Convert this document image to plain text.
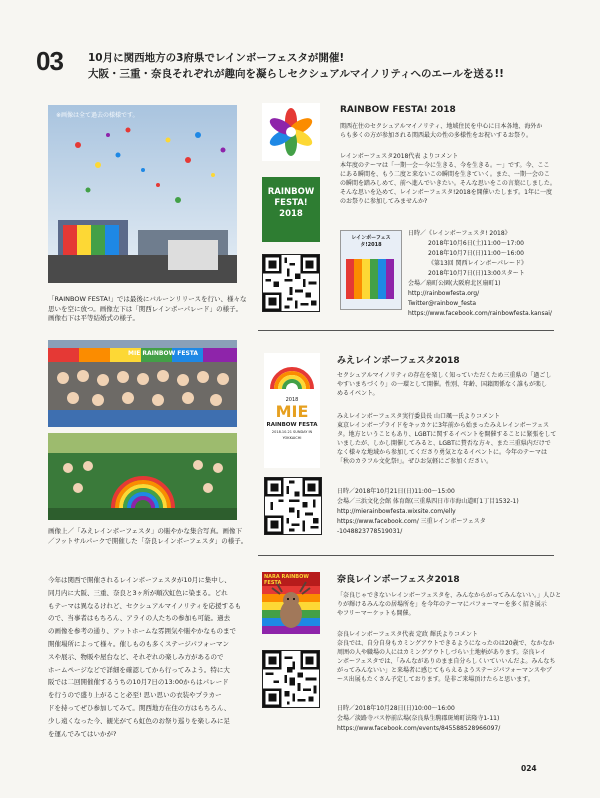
03 10月に関西地方の3府県でレインボーフェスタが開催!
大阪・三重・奈良それぞれが趣向を凝らしセクシュアルマイノリティへのエールを送る!!
※画像は全て過去の様様です。
「RAINBOW FESTA!」では最後にバルーンリリースを行い、様々な
思いを空に放つ。画像左下は「関西レインボーパレード」の様子。
画像右下は平等結婚式の様子。
MIE RAINBOW FESTA
画像上／「みえレインボーフェスタ」の賑やかな集合写真。画像下
／フットサルパークで開催した「奈良レインボーフェスタ」の様子。
今年は関西で開催されるレインボーフェスタが10月に集中し、
同月内に大阪、三重、奈良と3ヶ所が順次虹色に染まる。どれ
もテーマは異なるけれど、セクシュアルマイノリティを応援するも
ので、当事者はもちろん、アライの人たちの参加も可能。過去
の画像を参考の通り、アットホームな雰囲気や賑やかなものまで
開催場所によって様々。催しものも多くステージパフォーマン
スや展示、物販や屋台など、それぞれの楽しみ方があるので
ホームページなどで詳細を確認してから行ってみよう。特に大
阪では二回開催催するうちの10月7日の13:00からはパレード
を行うので盛り上がること必至! 思い思いの衣装やプラカー
ドを持ってぜひ参加してみて。関西地方在住の方はもちろん、
少し遠くなった今、観光がてら虹色のお祭り巡りを楽しみに足
を運んでみてはいかが?
RAINBOW FESTA! 2018
RAINBOW FESTA! 2018
関西在住のセクシュアルマイノリティ、地域住民を中心に日本各地、海外か
らも多くの方が参加される関西最大の性の多様性をお祝いするお祭り。
レインボーフェスタ2018代表 よりコメント
本年度のテーマは「一期一会〜今に生きる、今を生きる。〜」です。今、ここ
にある瞬間を、もう二度と来ないこの瞬間を生きていく。また、一期一会のこ
の瞬間を踏みしめて、前へ進んでいきたい。そんな思いをこの言葉にしました。
そんな思いを込めて、レインボーフェスタ!2018を開催いたします。1年に一度
のお祭りに参加してみませんか?
レインボーフェスタ!2018
日時／《レインボーフェスタ! 2018》
2018年10月6日(土)11:00〜17:00
2018年10月7日(日)11:00〜16:00
《第13回 関西レインボーパレード》
2018年10月7日(日)13:00スタート
会場／扇町公園(大阪府北区扇町1)
http://rainbowfesta.org/
Twitter@rainbow_festa
https://www.facebook.com/rainbowfesta.kansai/
2018
MIE
RAINBOW FESTA
2018.10.21 SUNDAY IN YOKKAICHI
みえレインボーフェスタ2018
セクシュアルマイノリティの存在を楽しく知っていただくため三重県の「過ごし
やすいまちづくり」の一環として開催。性別、年齢、国籍関係なく誰もが楽し
めるイベント。
みえレインボーフェスタ実行委員長 山口颯一氏よりコメント
東京レインボープライドをキッカケに3年前から始まったみえレインボーフェス
タ。地方ということもあり、LGBTに関するイベントを開催することに緊張をして
いましたが、しかし開催してみると、LGBTに賛否な方々、また三重県内だけで
なく様々な地域から参加してくださり勇気となるイベントに。今年のテーマは
「秋のカラフル文化祭!」。ぜひお気軽にご参加ください。
日時／2018年10月21日(日)11:00〜15:00
会場／三浜文化会館 体育館(三重県四日市市海山道町1丁目1532-1)
http://mierainbowfesta.wixsite.com/elly
https://www.facebook.com/ 三重レインボーフェスタ
-1048823778519031/
NARA RAINBOW FESTA	奈良レインボーフェスタ2018
「奈良じゃできないレインボーフェスタを、みんなからがってみんないい。」人ひと
りが輝けるみんなの居場所を」を今年のテーマにパフォーマーを多く招き展示
やフリーマーケットも開催。
奈良レインボーフェスタ代表 定政 輝氏よりコメント
奈良では、自分自身もカミングアウトできるようになったのは20歳で、なかなか
周囲の人や職場の人にはカミングアウトしづらい土地柄があります。奈良レイ
ンボーフェスタでは、「みんながありのまま自分らしくいていいんだよ。みんなち
がってみんないい」と来場者に感じてもらえるようステージパフォーマンスやブ
ース出展もたくさん予定しております。是非ご来場頂けたらと思います。
日時／2018年10月28日(日)10:00〜16:00
会場／淡路寺バス停前広場(奈良県生駒郡斑鳩町法隆寺1-11)
https://www.facebook.com/events/845588528966097/
024
